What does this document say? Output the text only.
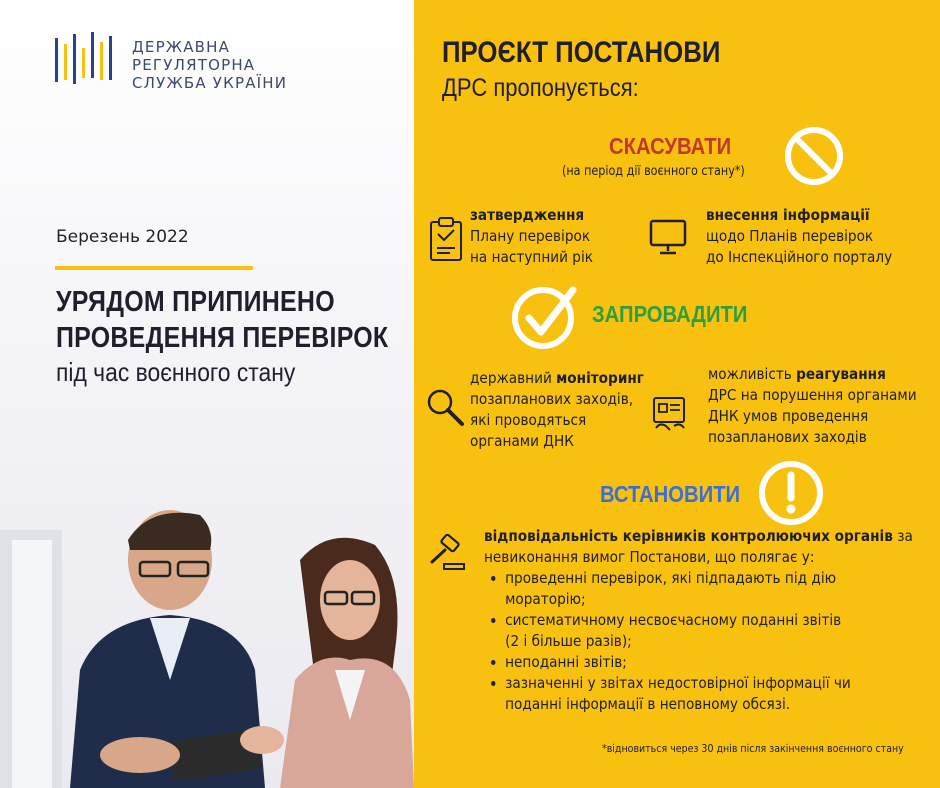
ДЕРЖАВНА
РЕГУЛЯТОРНА
СЛУЖБА УКРАЇНИ
Березень 2022
УРЯДОМ ПРИПИНЕНО
ПРОВЕДЕННЯ ПЕРЕВІРОК
під час воєнного стану
ПРОЄКТ ПОСТАНОВИ
ДРС пропонується:
СКАСУВАТИ
(на період дії воєнного стану*)
затвердження
Плану перевірок
на наступний рік
внесення інформації
щодо Планів перевірок
до Інспекційного порталу
ЗАПРОВАДИТИ
державний моніторинг
позапланових заходів,
які проводяться
органами ДНК
можливість реагування
ДРС на порушення органами
ДНК умов проведення
позапланових заходів
ВСТАНОВИТИ
відповідальність керівників контролюючих органів за
невиконання вимог Постанови, що полягає у:
• проведенні перевірок, які підпадають під дію
мораторію;
• систематичному несвоєчасному поданні звітів
(2 і більше разів);
• неподанні звітів;
• зазначенні у звітах недостовірної інформації чи
поданні інформації в неповному обсязі.
*відновиться через 30 днів після закінчення воєнного стану
